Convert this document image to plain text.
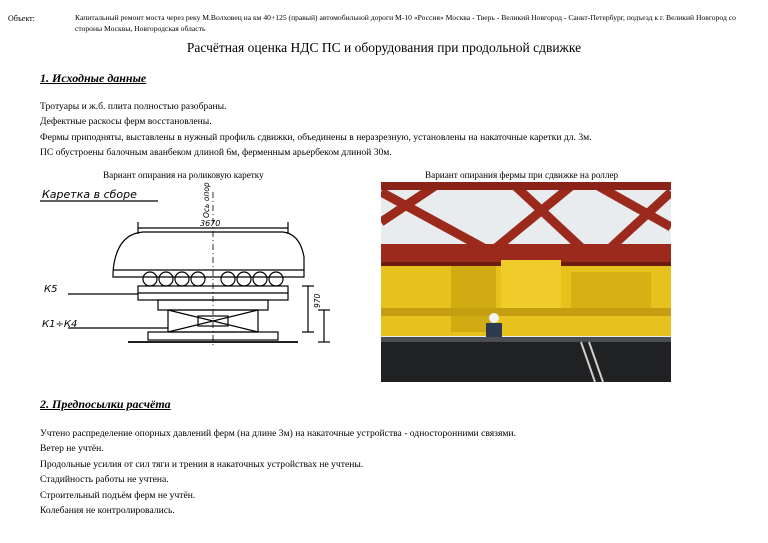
Объект:	Капитальный ремонт моста через реку М.Волховец на км 40+125 (правый) автомобильной дороги М-10 «Россия» Москва - Тверь - Великий Новгород - Санкт-Петербург, подъезд к г. Великий Новгород со стороны Москвы, Новгородская область
Расчётная оценка НДС ПС и оборудования при продольной сдвижке
1. Исходные данные
Тротуары и ж.б. плита полностью разобраны.
Дефектные раскосы ферм восстановлены.
Фермы приподняты, выставлены в нужный профиль сдвижки, объединены в неразрезную, установлены на накаточные каретки дл. 3м.
ПС обустроены балочным аванбеком длиной 6м, ферменным арьербеком длиной 30м.
Вариант опирания на роликовую каретку	Вариант опирания фермы при сдвижке на роллер
Каретка в сборе
3670
Ось опор
970
К5
К1÷К4
2. Предпосылки расчёта
Учтено распределение опорных давлений ферм (на длине 3м) на накаточные устройства - односторонними связями.
Ветер не учтён.
Продольные усилия от сил тяги и трения в накаточных устройствах не учтены.
Стадийность работы не учтена.
Строительный подъём ферм не учтён.
Колебания не контролировались.
